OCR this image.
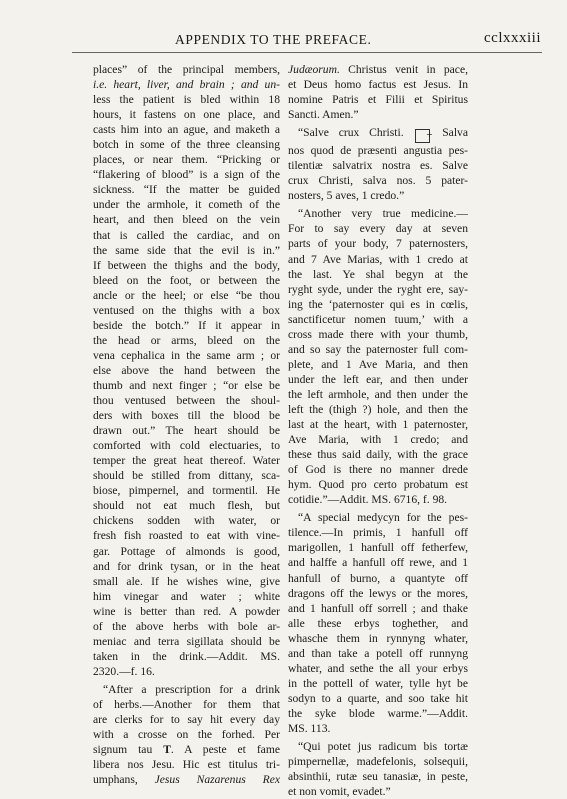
APPENDIX TO THE PREFACE.	cclxxxiii
places” of the principal members,
i.e. heart, liver, and brain ; and un-
less the patient is bled within 18
hours, it fastens on one place, and
casts him into an ague, and maketh a
botch in some of the three cleansing
places, or near them. “Pricking or
“flakering of blood” is a sign of the
sickness. “If the matter be guided
under the armhole, it cometh of the
heart, and then bleed on the vein
that is called the cardiac, and on
the same side that the evil is in.”
If between the thighs and the body,
bleed on the foot, or between the
ancle or the heel; or else “be thou
ventused on the thighs with a box
beside the botch.” If it appear in
the head or arms, bleed on the
vena cephalica in the same arm ; or
else above the hand between the
thumb and next finger ; “or else be
thou ventused between the shoul-
ders with boxes till the blood be
drawn out.” The heart should be
comforted with cold electuaries, to
temper the great heat thereof. Water
should be stilled from dittany, sca-
biose, pimpernel, and tormentil. He
should not eat much flesh, but
chickens sodden with water, or
fresh fish roasted to eat with vine-
gar. Pottage of almonds is good,
and for drink tysan, or in the heat
small ale. If he wishes wine, give
him vinegar and water ; white
wine is better than red. A powder
of the above herbs with bole ar-
meniac and terra sigillata should be
taken in the drink.—Addit. MS.
2320.—f. 16.
“After a prescription for a drink
of herbs.—Another for them that
are clerks for to say hit every day
with a crosse on the forhed. Per
signum tau T. A peste et fame
libera nos Jesu. Hic est titulus tri-
umphans, Jesus Nazarenus Rex
Judæorum. Christus venit in pace,
et Deus homo factus est Jesus. In
nomine Patris et Filii et Spiritus
Sancti. Amen.”
“Salve crux Christi. + Salva
nos quod de præsenti angustia pes-
tilentiæ salvatrix nostra es. Salve
crux Christi, salva nos. 5 pater-
nosters, 5 aves, 1 credo.”
“Another very true medicine.—
For to say every day at seven
parts of your body, 7 paternosters,
and 7 Ave Marias, with 1 credo at
the last. Ye shal begyn at the
ryght syde, under the ryght ere, say-
ing the ‘paternoster qui es in cœlis,
sanctificetur nomen tuum,’ with a
cross made there with your thumb,
and so say the paternoster full com-
plete, and 1 Ave Maria, and then
under the left ear, and then under
the left armhole, and then under the
left the (thigh ?) hole, and then the
last at the heart, with 1 paternoster,
Ave Maria, with 1 credo; and
these thus said daily, with the grace
of God is there no manner drede
hym. Quod pro certo probatum est
cotidie.”—Addit. MS. 6716, f. 98.
“A special medycyn for the pes-
tilence.—In primis, 1 hanfull off
marigollen, 1 hanfull off fetherfew,
and halffe a hanfull off rewe, and 1
hanfull of burno, a quantyte off
dragons off the lewys or the mores,
and 1 hanfull off sorrell ; and thake
alle these erbys toghether, and
whasche them in rynnyng whater,
and than take a potell off runnyng
whater, and sethe the all your erbys
in the pottell of water, tylle hyt be
sodyn to a quarte, and soo take hit
the syke blode warme.”—Addit.
MS. 113.
“Qui potet jus radicum bis tortæ
pimpernellæ, madefelonis, solsequii,
absinthii, rutæ seu tanasiæ, in peste,
et non vomit, evadet.”
